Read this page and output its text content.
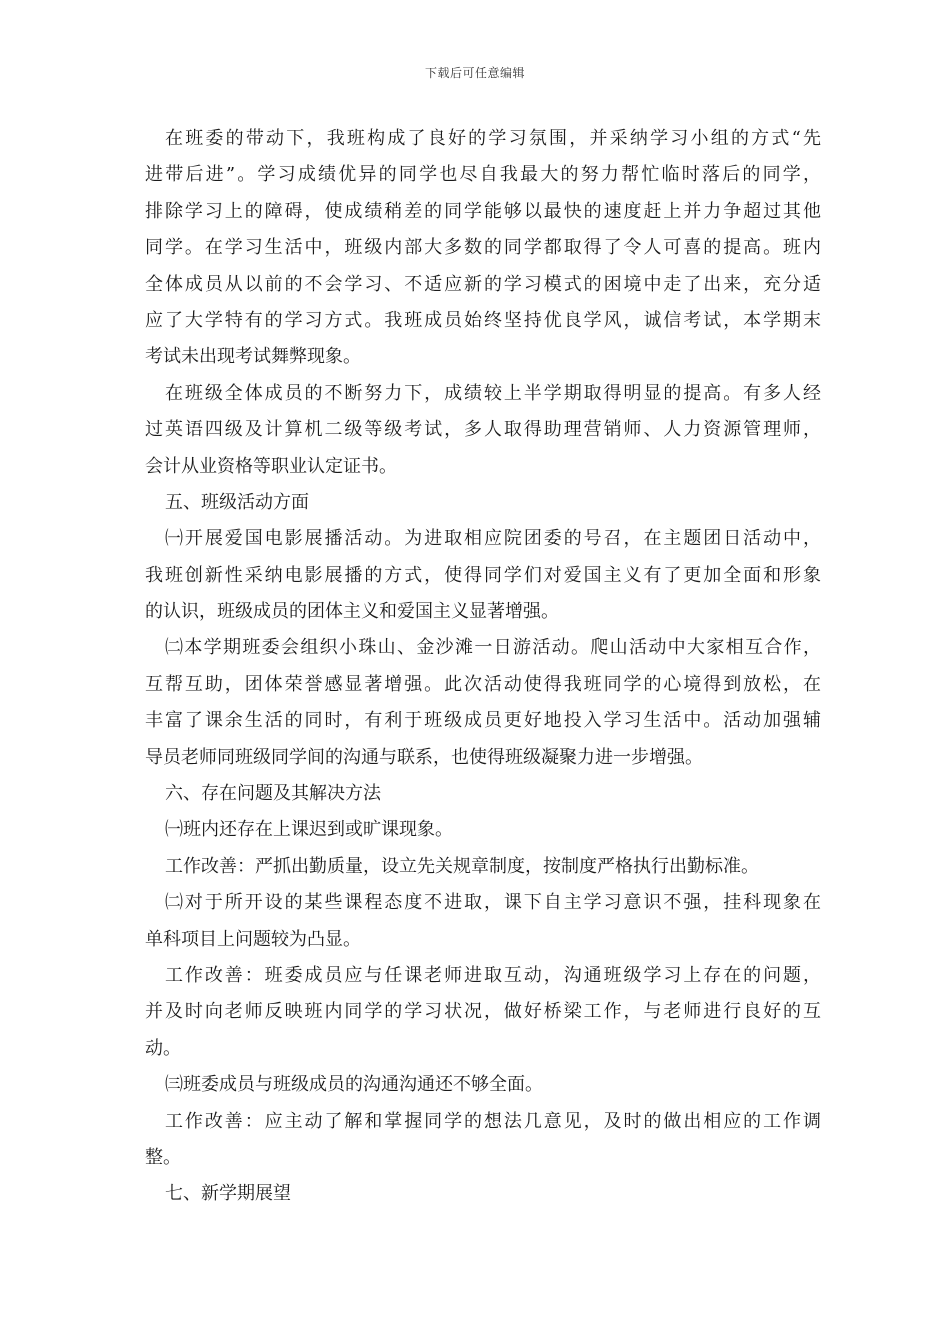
下载后可任意编辑
在班委的带动下，我班构成了良好的学习氛围，并采纳学习小组的方式“先
进带后进”。学习成绩优异的同学也尽自我最大的努力帮忙临时落后的同学，
排除学习上的障碍，使成绩稍差的同学能够以最快的速度赶上并力争超过其他
同学。在学习生活中，班级内部大多数的同学都取得了令人可喜的提高。班内
全体成员从以前的不会学习、不适应新的学习模式的困境中走了出来，充分适
应了大学特有的学习方式。我班成员始终坚持优良学风，诚信考试，本学期末
考试未出现考试舞弊现象。
在班级全体成员的不断努力下，成绩较上半学期取得明显的提高。有多人经
过英语四级及计算机二级等级考试，多人取得助理营销师、人力资源管理师，
会计从业资格等职业认定证书。
五、班级活动方面
㈠开展爱国电影展播活动。为进取相应院团委的号召，在主题团日活动中，
我班创新性采纳电影展播的方式，使得同学们对爱国主义有了更加全面和形象
的认识，班级成员的团体主义和爱国主义显著增强。
㈡本学期班委会组织小珠山、金沙滩一日游活动。爬山活动中大家相互合作，
互帮互助，团体荣誉感显著增强。此次活动使得我班同学的心境得到放松，在
丰富了课余生活的同时，有利于班级成员更好地投入学习生活中。活动加强辅
导员老师同班级同学间的沟通与联系，也使得班级凝聚力进一步增强。
六、存在问题及其解决方法
㈠班内还存在上课迟到或旷课现象。
工作改善：严抓出勤质量，设立先关规章制度，按制度严格执行出勤标准。
㈡对于所开设的某些课程态度不进取，课下自主学习意识不强，挂科现象在
单科项目上问题较为凸显。
工作改善：班委成员应与任课老师进取互动，沟通班级学习上存在的问题，
并及时向老师反映班内同学的学习状况，做好桥梁工作，与老师进行良好的互
动。
㈢班委成员与班级成员的沟通沟通还不够全面。
工作改善：应主动了解和掌握同学的想法几意见，及时的做出相应的工作调
整。
七、新学期展望
